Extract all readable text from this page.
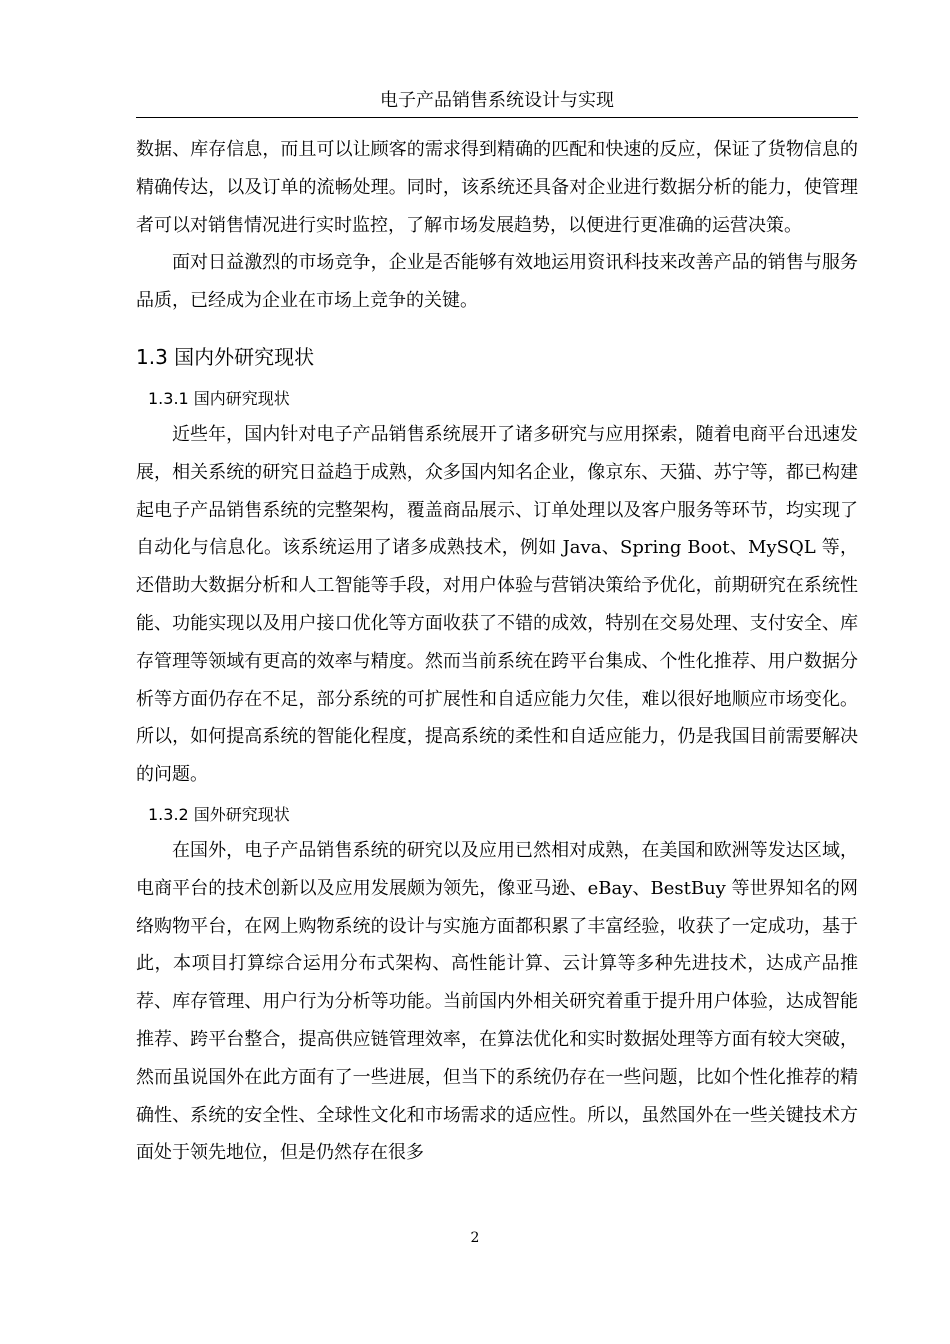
电子产品销售系统设计与实现

数据、库存信息，而且可以让顾客的需求得到精确的匹配和快速的反应，保证了货物信息的精确传达，以及订单的流畅处理。同时，该系统还具备对企业进行数据分析的能力，使管理者可以对销售情况进行实时监控，了解市场发展趋势，以便进行更准确的运营决策。

面对日益激烈的市场竞争，企业是否能够有效地运用资讯科技来改善产品的销售与服务品质，已经成为企业在市场上竞争的关键。

1.3 国内外研究现状
1.3.1 国内研究现状

近些年，国内针对电子产品销售系统展开了诸多研究与应用探索，随着电商平台迅速发展，相关系统的研究日益趋于成熟，众多国内知名企业，像京东、天猫、苏宁等，都已构建起电子产品销售系统的完整架构，覆盖商品展示、订单处理以及客户服务等环节，均实现了自动化与信息化。该系统运用了诸多成熟技术，例如 Java、Spring Boot、MySQL 等，还借助大数据分析和人工智能等手段，对用户体验与营销决策给予优化，前期研究在系统性能、功能实现以及用户接口优化等方面收获了不错的成效，特别在交易处理、支付安全、库存管理等领域有更高的效率与精度。然而当前系统在跨平台集成、个性化推荐、用户数据分析等方面仍存在不足，部分系统的可扩展性和自适应能力欠佳，难以很好地顺应市场变化。所以，如何提高系统的智能化程度，提高系统的柔性和自适应能力，仍是我国目前需要解决的问题。

1.3.2 国外研究现状

在国外，电子产品销售系统的研究以及应用已然相对成熟，在美国和欧洲等发达区域，电商平台的技术创新以及应用发展颇为领先，像亚马逊、eBay、BestBuy 等世界知名的网络购物平台，在网上购物系统的设计与实施方面都积累了丰富经验，收获了一定成功，基于此，本项目打算综合运用分布式架构、高性能计算、云计算等多种先进技术，达成产品推荐、库存管理、用户行为分析等功能。当前国内外相关研究着重于提升用户体验，达成智能推荐、跨平台整合，提高供应链管理效率，在算法优化和实时数据处理等方面有较大突破，然而虽说国外在此方面有了一些进展，但当下的系统仍存在一些问题，比如个性化推荐的精确性、系统的安全性、全球性文化和市场需求的适应性。所以，虽然国外在一些关键技术方面处于领先地位，但是仍然存在很多

2
